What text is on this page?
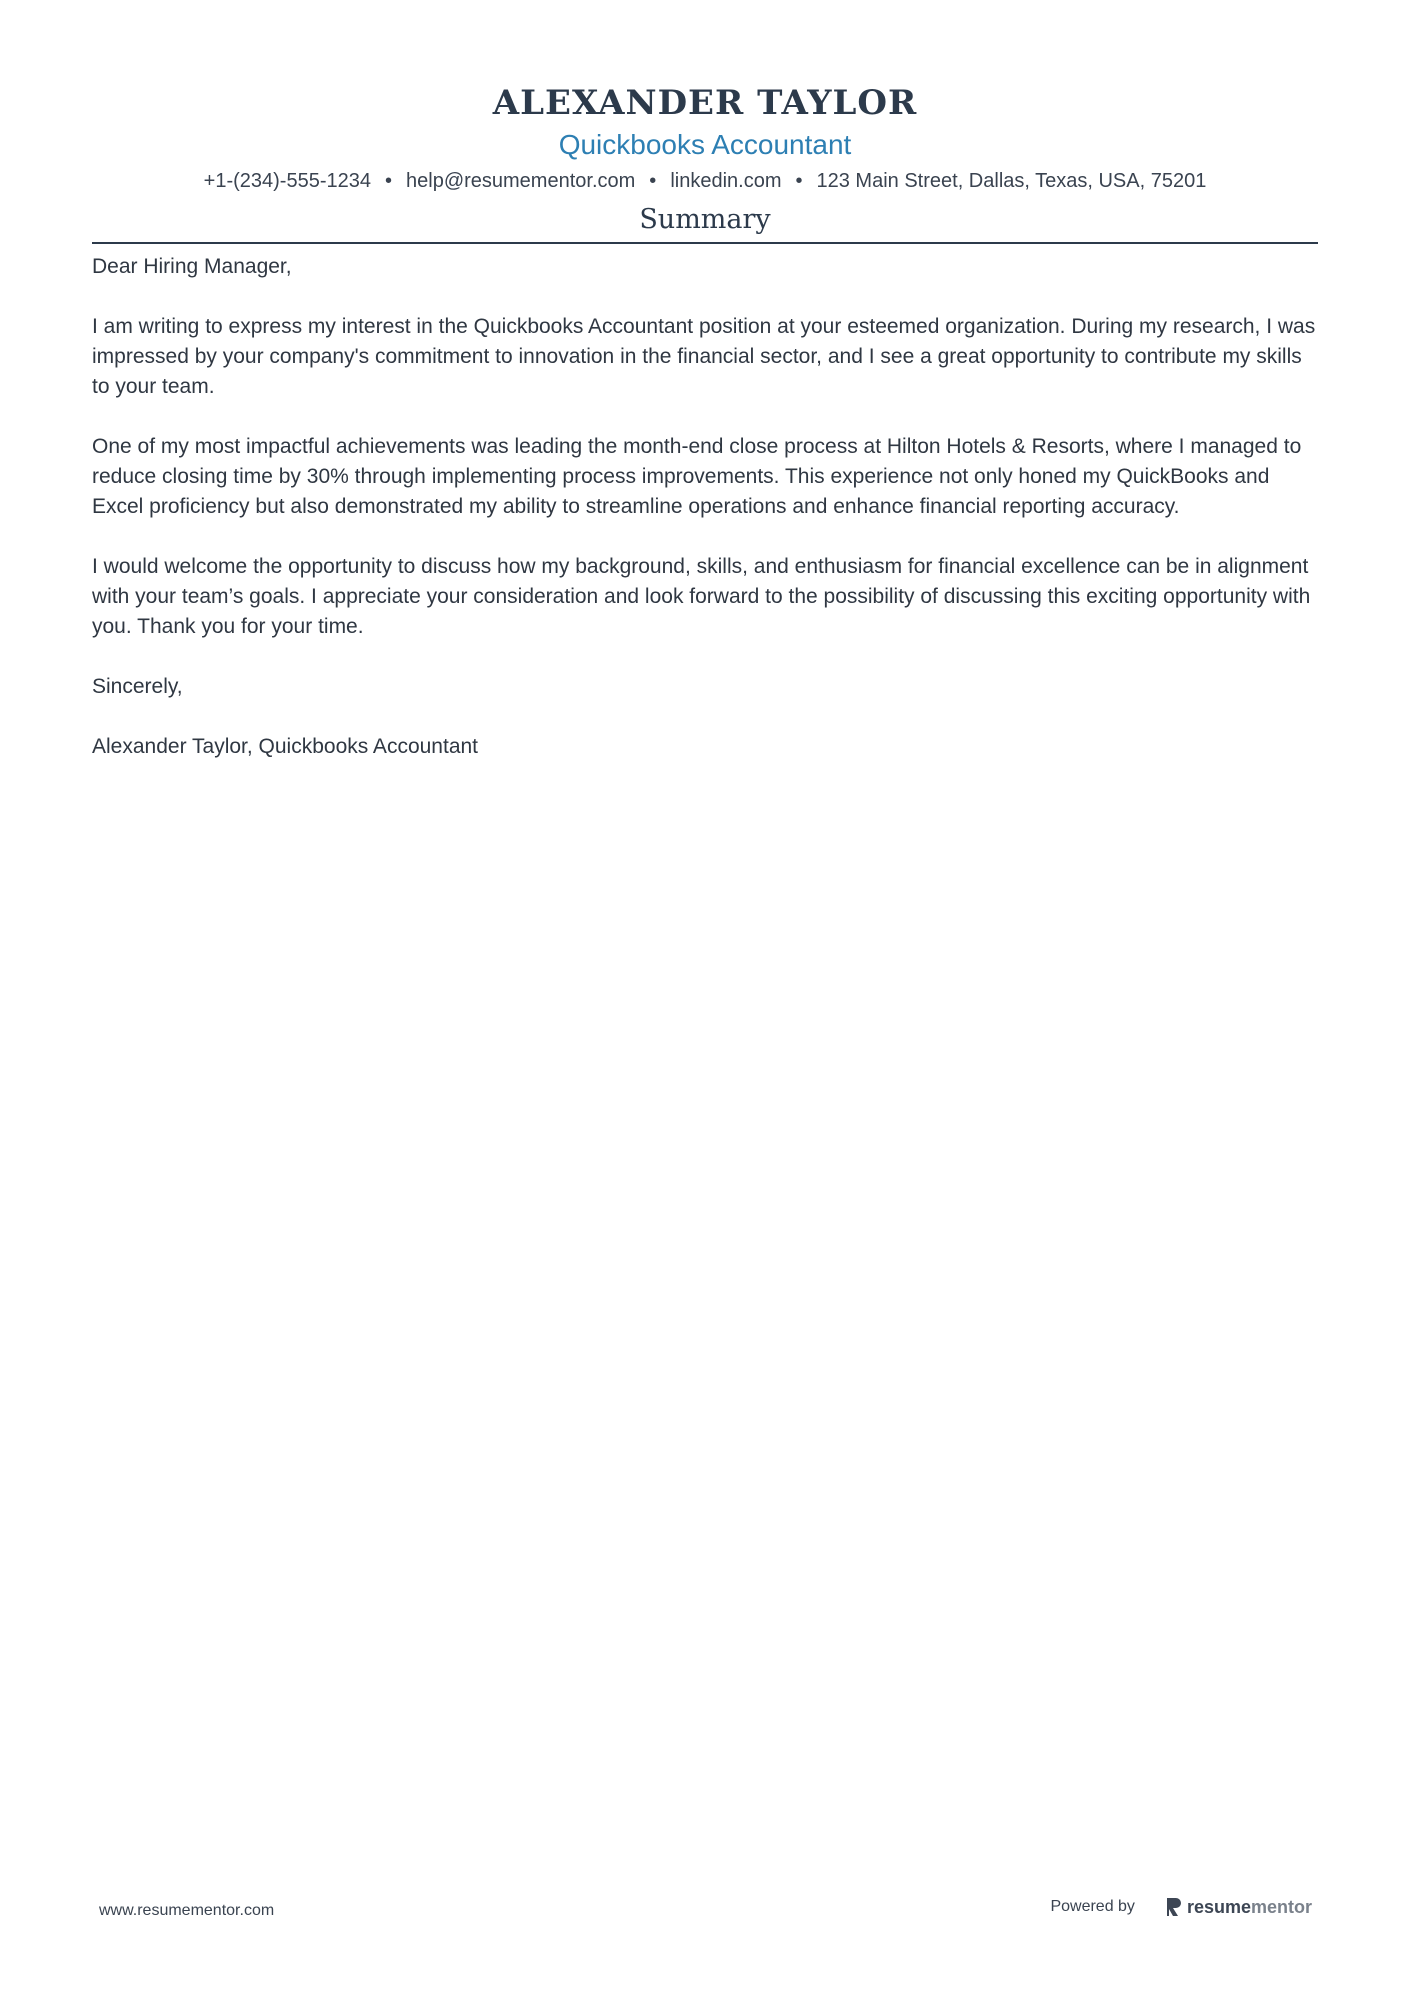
ALEXANDER TAYLOR
Quickbooks Accountant
+1-(234)-555-1234 • help@resumementor.com • linkedin.com • 123 Main Street, Dallas, Texas, USA, 75201
Summary

Dear Hiring Manager,

I am writing to express my interest in the Quickbooks Accountant position at your esteemed organization. During my research, I was impressed by your company's commitment to innovation in the financial sector, and I see a great opportunity to contribute my skills to your team.

One of my most impactful achievements was leading the month-end close process at Hilton Hotels & Resorts, where I managed to reduce closing time by 30% through implementing process improvements. This experience not only honed my QuickBooks and Excel proficiency but also demonstrated my ability to streamline operations and enhance financial reporting accuracy.

I would welcome the opportunity to discuss how my background, skills, and enthusiasm for financial excellence can be in alignment with your team’s goals. I appreciate your consideration and look forward to the possibility of discussing this exciting opportunity with you. Thank you for your time.

Sincerely,

Alexander Taylor, Quickbooks Accountant

www.resumementor.com	Powered by	resume mentor
